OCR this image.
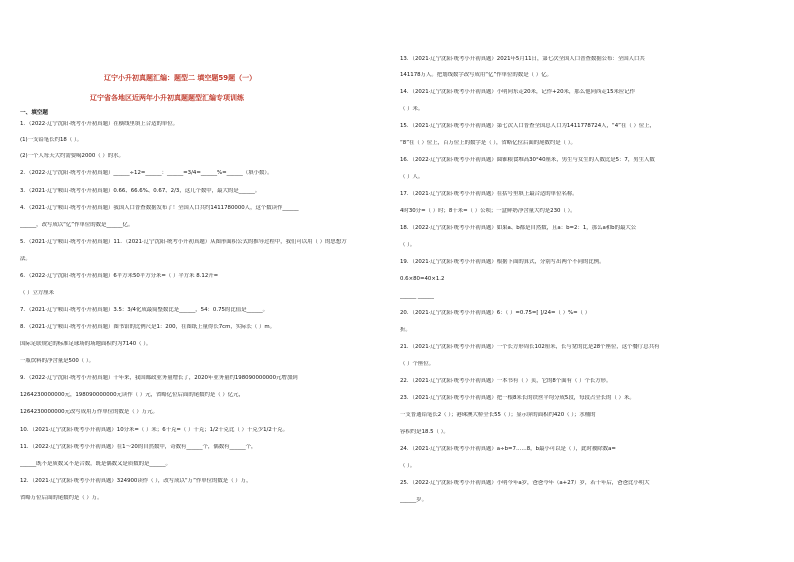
辽宁小升初真题汇编：题型二 填空题59题（一）
辽宁省各地区近两年小升初真题题型汇编专项训练
一、填空题
1．（2022·辽宁沈阳·统考小升初真题）在横线里填上合适的单位。
(1)一支铅笔长约18（ ）。
(2)一个人每天大约需要喝2000（ ）的水。
2．（2022·辽宁沈阳·统考小升初真题）______÷12=______：______=3/4=______%=______（填小数）。
3．（2021·辽宁鞍山·统考小升初真题）0.66、66.6%、0.67、2/3，这几个数中，最大的是______。
4．（2021·辽宁鞍山·统考小升初真题）我国人口普查数据发布了！全国人口共约1411780000人，这个数读作______
______，改写成以“亿”作单位的数是______亿。
5．（2021·辽宁鞍山·统考小升初真题）11．（2021·辽宁沈阳·统考小升初真题）从图形面积公式的推导过程中，我们可以用（ ）的思想方
法。
6．（2022·辽宁沈阳·统考小升初真题）6平方米50平方分米=（ ）平方米 8.12升=
（ ）立方厘米
7．（2021·辽宁鞍山·统考小升初真题）3.5：3/4化成最简整数比是______，54：0.75的比值是______。
8．（2021·辽宁鞍山·统考小升初真题）图书馆的比例尺是1：200，在图纸上量得长7cm，实际长（ ）m。
国际足联规定的标准足球场的场地面积约为7140（ ）。
一瓶饮料的净含量是500（ ）。
9．（2022·辽宁沈阳·统考小升初真题）十年来，我国邮政业务量增长了，2020年业务量约198090000000元增加到
1264230000000元，198090000000元读作（ ）元，省略亿位后面的尾数约是（ ）亿元，
1264230000000元改写成用万作单位的数是（ ）万元。
10．（2021·辽宁沈阳·统考小升初真题）10分米=（ ）米；6千克=（ ）千克；1/2千克比（ ）千克少1/2千克。
11．（2022·辽宁沈阳·统考小升初真题）在1～20的自然数中，奇数有______个，偶数有______个，
______既不是质数又不是合数，既是偶数又是质数的是______。
12．（2021·辽宁沈阳·统考小升初真题）324900读作（ ），改写成以“万”作单位的数是（ ）万，
省略万位后面的尾数约是（ ）万。
13．（2021·辽宁沈阳·统考小升初真题）2021年5月11日，第七次全国人口普查数据公布：全国人口共
141178万人。把划线数字改写成用“亿”作单位的数是（ ）亿。
14．（2021·辽宁沈阳·统考小升初真题）小明向东走20米，记作+20米，那么他向西走15米应记作
（ ）米。
15．（2021·辽宁沈阳·统考小升初真题）第七次人口普查全国总人口为1411778724人，“4”在（ ）位上，
“8”在（ ）位上，百万位上的数字是（ ），省略亿位后面的尾数约是（ ）。
16．（2022·辽宁沈阳·统考小升初真题）圆锥粮食堆高30°40厘米，男生与女生的人数比是5：7，男生人数
（ ）人。
17．（2021·辽宁沈阳·统考小升初真题）在括号里填上最合适的单位名称。
4时30分=（ ）时；8千米=（ ）公顷；一盒鲜奶净含量大约是230（ ）。
18．（2022·辽宁沈阳·统考小升初真题）如果a、b都是自然数，且a：b=2：1，那么a和b的最大公
（ ）。
19．（2021·辽宁沈阳·统考小升初真题）根据下面的算式，分别写出两个不同的比例。
0.6×80=40×1.2
______ ______
20．（2021·辽宁沈阳·统考小升初真题）6：（ ）=0.75=[ ]/24=（ ）%=（ ）
折。
21．（2021·辽宁沈阳·统考小升初真题）一个长方形周长102厘米，长与宽的比是28个座位，这个餐厅总共有
（ ）个座位。
22．（2021·辽宁沈阳·统考小升初真题）一本书有（ ）页，它的8个面有（ ）个长方形。
23．（2021·辽宁沈阳·统考小升初真题）把一根8米长的铁丝平均分成5段，每段占全长的（ ）米。
一支普通铅笔长2（ ）；港珠澳大桥全长55（ ）；显示屏的面积约420（ ）；水桶的
容积约是18.5（ ）。
24．（2021·辽宁沈阳·统考小升初真题）a÷b=7……8，b最小可以是（ ），此时被除数a=
（ ）。
25．（2022·辽宁沈阳·统考小升初真题）小明今年a岁，爸爸今年（a+27）岁，若干年后，爸爸比小明大
______岁。
